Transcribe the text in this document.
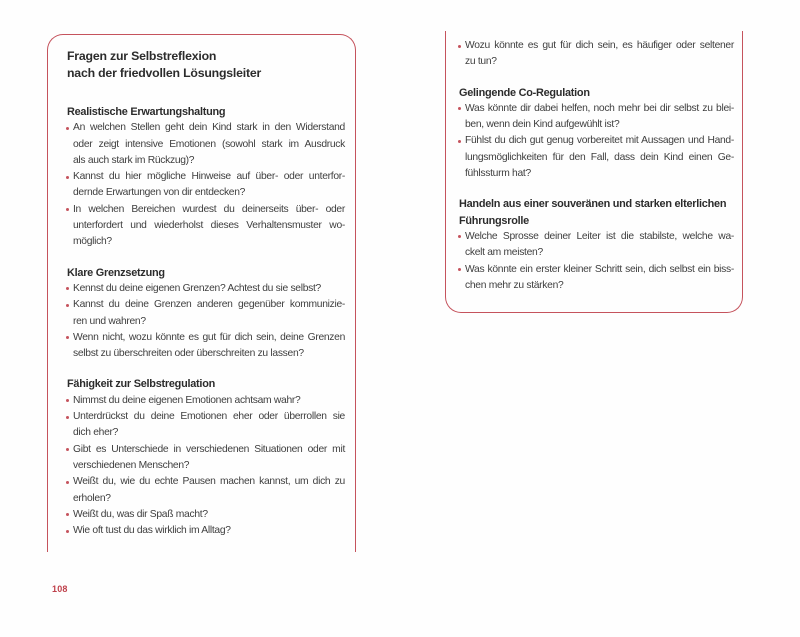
Fragen zur Selbstreflexion
nach der friedvollen Lösungsleiter
Realistische Erwartungshaltung
An welchen Stellen geht dein Kind stark in den Widerstand
oder zeigt intensive Emotionen (sowohl stark im Ausdruck
als auch stark im Rückzug)?
Kannst du hier mögliche Hinweise auf über- oder unterfor-
dernde Erwartungen von dir entdecken?
In welchen Bereichen wurdest du deinerseits über- oder
unterfordert und wiederholst dieses Verhaltensmuster wo-
möglich?
Klare Grenzsetzung
Kennst du deine eigenen Grenzen? Achtest du sie selbst?
Kannst du deine Grenzen anderen gegenüber kommunizie-
ren und wahren?
Wenn nicht, wozu könnte es gut für dich sein, deine Grenzen
selbst zu überschreiten oder überschreiten zu lassen?
Fähigkeit zur Selbstregulation
Nimmst du deine eigenen Emotionen achtsam wahr?
Unterdrückst du deine Emotionen eher oder überrollen sie
dich eher?
Gibt es Unterschiede in verschiedenen Situationen oder mit
verschiedenen Menschen?
Weißt du, wie du echte Pausen machen kannst, um dich zu
erholen?
Weißt du, was dir Spaß macht?
Wie oft tust du das wirklich im Alltag?
Wozu könnte es gut für dich sein, es häufiger oder seltener
zu tun?
Gelingende Co-Regulation
Was könnte dir dabei helfen, noch mehr bei dir selbst zu blei-
ben, wenn dein Kind aufgewühlt ist?
Fühlst du dich gut genug vorbereitet mit Aussagen und Hand-
lungsmöglichkeiten für den Fall, dass dein Kind einen Ge-
fühlssturm hat?
Handeln aus einer souveränen und starken elterlichen
Führungsrolle
Welche Sprosse deiner Leiter ist die stabilste, welche wa-
ckelt am meisten?
Was könnte ein erster kleiner Schritt sein, dich selbst ein biss-
chen mehr zu stärken?
108
